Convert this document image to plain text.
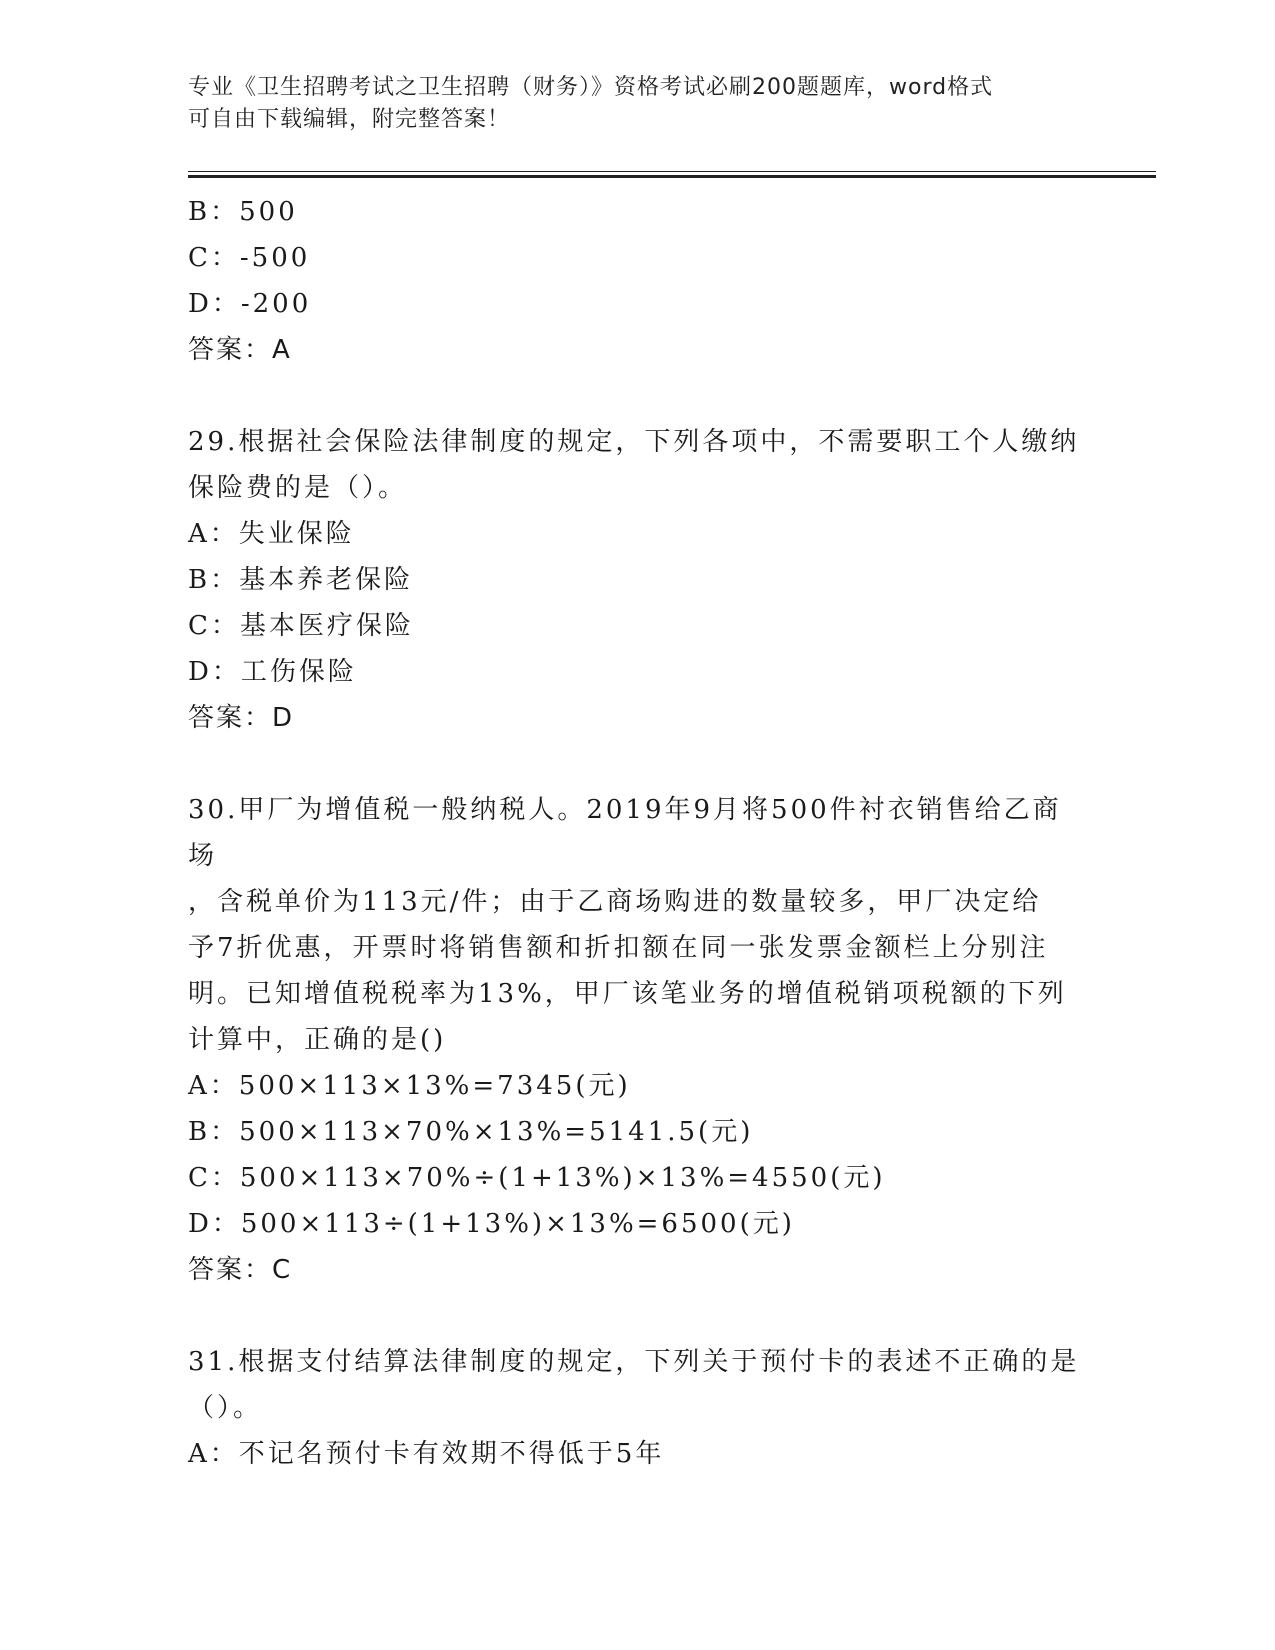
专业《卫生招聘考试之卫生招聘（财务）》资格考试必刷200题题库，word格式
可自由下载编辑，附完整答案！
B：500
C：-500
D：-200
答案：A
29.根据社会保险法律制度的规定，下列各项中，不需要职工个人缴纳
保险费的是（）。
A：失业保险
B：基本养老保险
C：基本医疗保险
D：工伤保险
答案：D
30.甲厂为增值税一般纳税人。2019年9月将500件衬衣销售给乙商场
，含税单价为113元/件；由于乙商场购进的数量较多，甲厂决定给
予7折优惠，开票时将销售额和折扣额在同一张发票金额栏上分别注
明。已知增值税税率为13%，甲厂该笔业务的增值税销项税额的下列
计算中，正确的是()
A：500×113×13%=7345(元)
B：500×113×70%×13%=5141.5(元)
C：500×113×70%÷(1+13%)×13%=4550(元)
D：500×113÷(1+13%)×13%=6500(元)
答案：C
31.根据支付结算法律制度的规定，下列关于预付卡的表述不正确的是
（）。
A：不记名预付卡有效期不得低于5年
